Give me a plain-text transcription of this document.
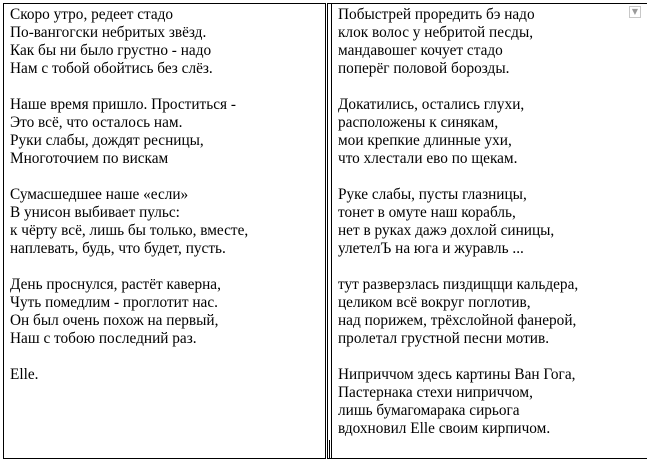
Скоро утро, редеет стадо
По-вангогски небритых звёзд.
Как бы ни было грустно - надо
Нам с тобой обойтись без слёз.
Наше время пришло. Проститься -
Это всё, что осталось нам.
Руки слабы, дождят ресницы,
Многоточием по вискам
Сумасшедшее наше «если»
В унисон выбивает пульс:
к чёрту всё, лишь бы только, вместе,
наплевать, будь, что будет, пусть.
День проснулся, растёт каверна,
Чуть помедлим - проглотит нас.
Он был очень похож на первый,
Наш с тобою последний раз.
Elle.

Побыстрей проредить бэ надо
клок волос у небритой песды,
мандавошег кочует стадо
поперёг половой борозды.
Докатились, остались глухи,
расположены к синякам,
мои крепкие длинные ухи,
что хлестали ево по щекам.
Руке слабы, пусты глазницы,
тонет в омуте наш корабль,
нет в руках дажэ дохлой синицы,
улетелЪ на юга и журавль ...
тут разверзлась пиздищщи кальдера,
целиком всё вокруг поглотив,
над порижем, трёхслойной фанерой,
пролетал грустной песни мотив.
Ниприччом здесь картины Ван Гога,
Пастернака стехи ниприччом,
лишь бумагомарака сирьога
вдохновил Elle своим кирпичом.
▼
